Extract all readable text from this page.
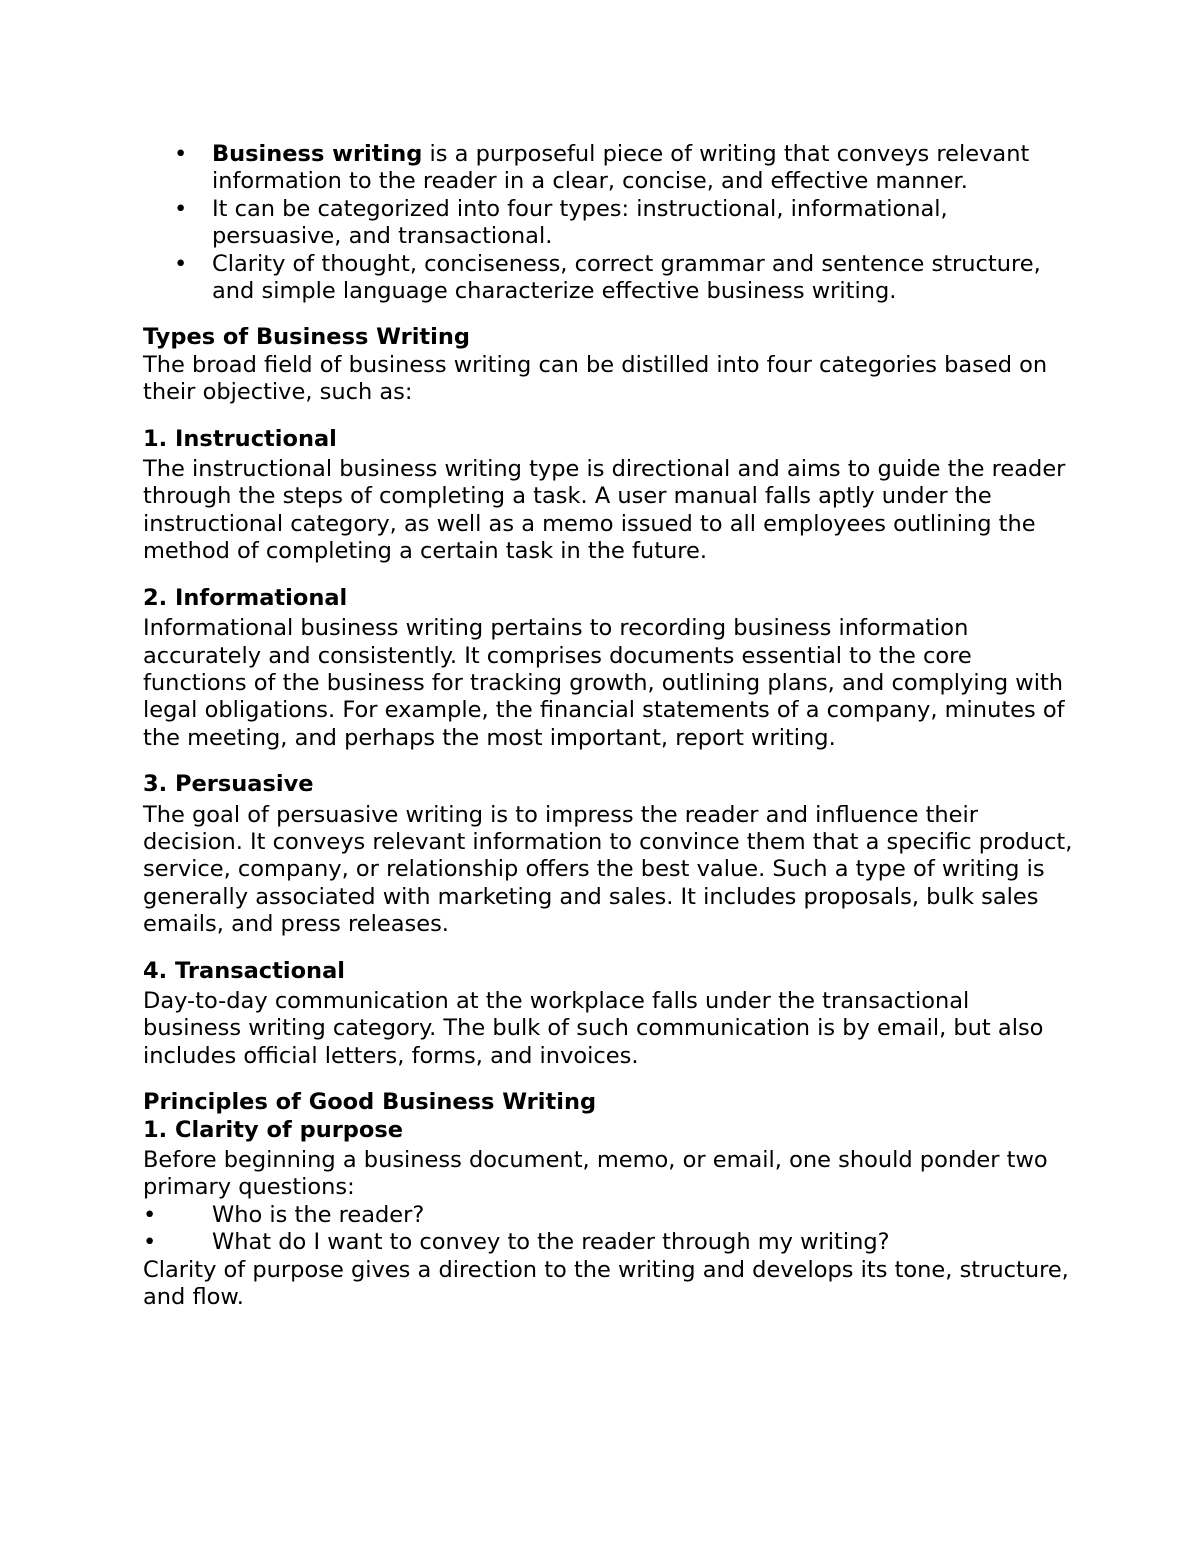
• Business writing is a purposeful piece of writing that conveys relevant information to the reader in a clear, concise, and effective manner.
• It can be categorized into four types: instructional, informational, persuasive, and transactional.
• Clarity of thought, conciseness, correct grammar and sentence structure, and simple language characterize effective business writing.

Types of Business Writing

The broad field of business writing can be distilled into four categories based on their objective, such as:

1. Instructional

The instructional business writing type is directional and aims to guide the reader through the steps of completing a task. A user manual falls aptly under the instructional category, as well as a memo issued to all employees outlining the method of completing a certain task in the future.

2. Informational

Informational business writing pertains to recording business information accurately and consistently. It comprises documents essential to the core functions of the business for tracking growth, outlining plans, and complying with legal obligations. For example, the financial statements of a company, minutes of the meeting, and perhaps the most important, report writing.

3. Persuasive

The goal of persuasive writing is to impress the reader and influence their decision. It conveys relevant information to convince them that a specific product, service, company, or relationship offers the best value. Such a type of writing is generally associated with marketing and sales. It includes proposals, bulk sales emails, and press releases.

4. Transactional

Day-to-day communication at the workplace falls under the transactional business writing category. The bulk of such communication is by email, but also includes official letters, forms, and invoices.

Principles of Good Business Writing

1. Clarity of purpose

Before beginning a business document, memo, or email, one should ponder two primary questions:

• Who is the reader?
• What do I want to convey to the reader through my writing?

Clarity of purpose gives a direction to the writing and develops its tone, structure, and flow.
